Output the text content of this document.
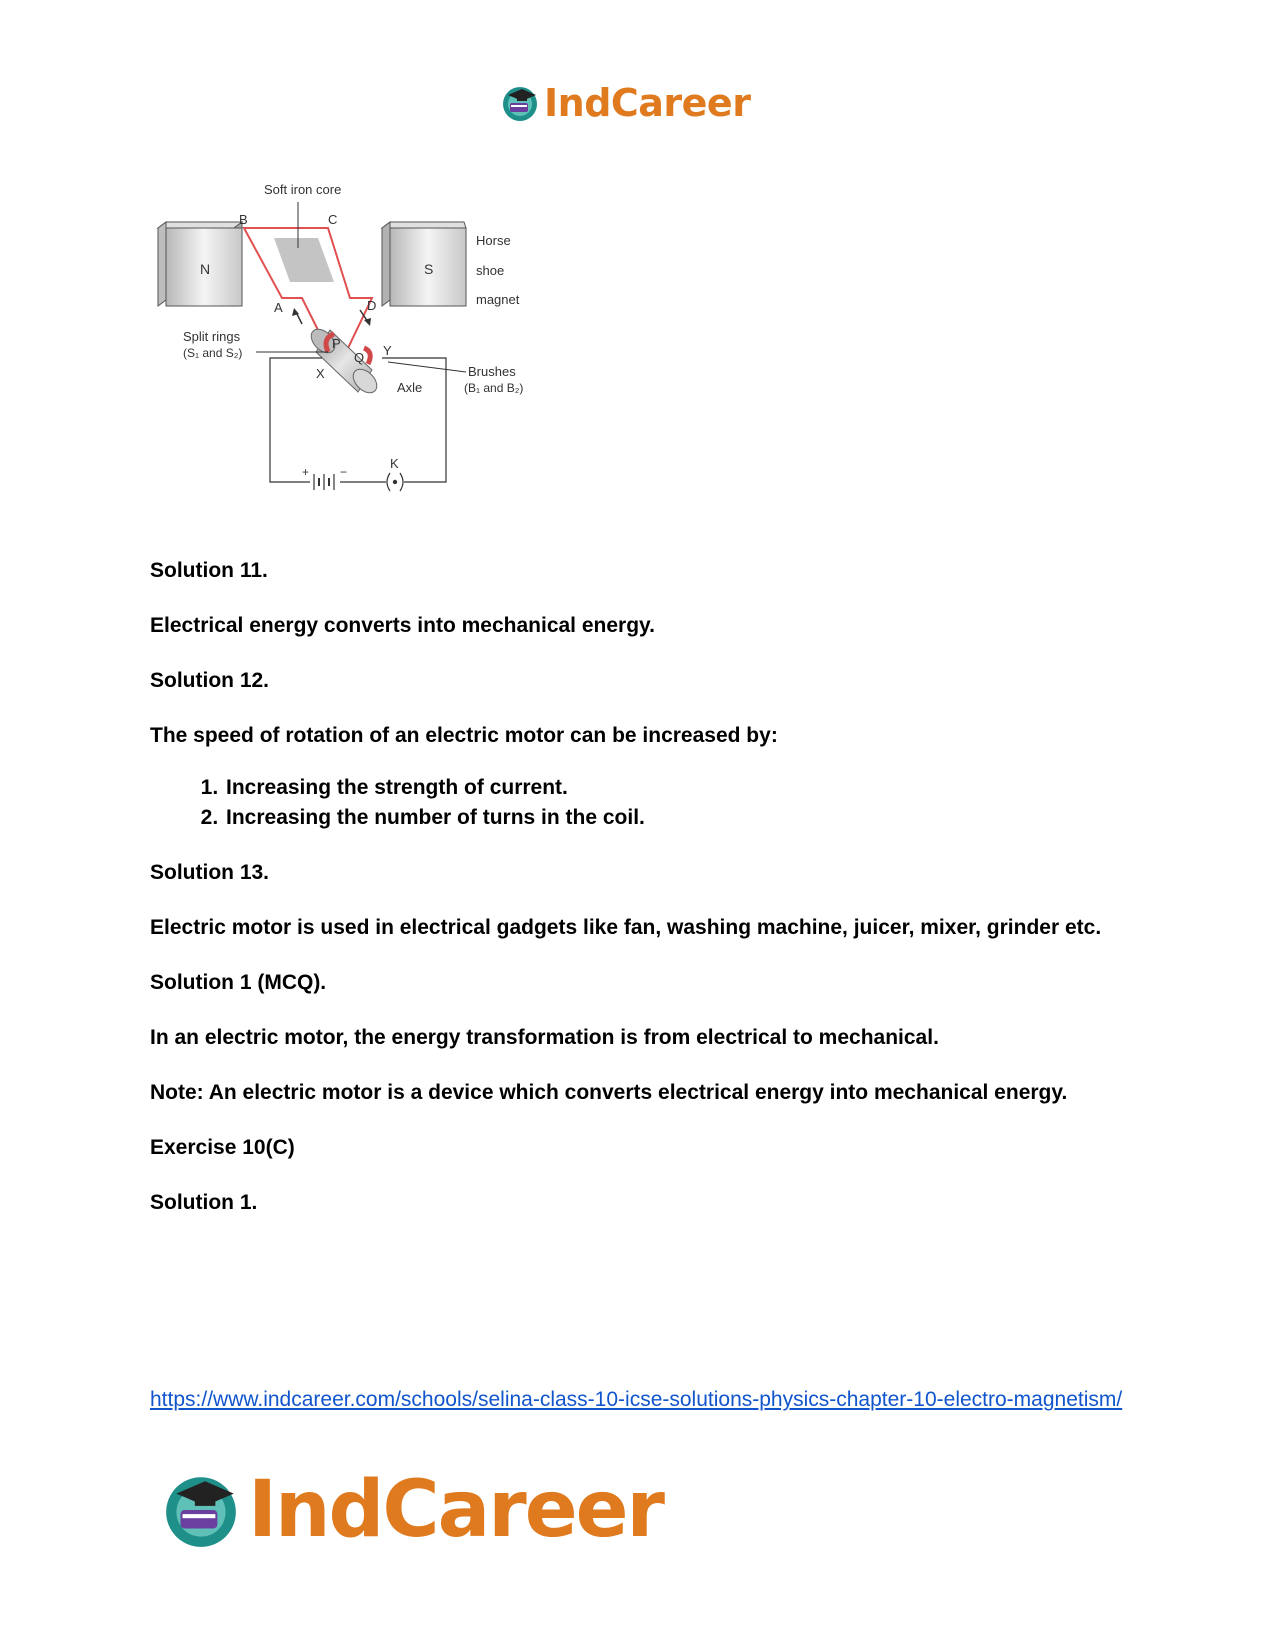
IndCareer
N	S
Soft iron core
B	C
A	D
P
Q
X
Y
Axle
Split rings
(S₁ and S₂)
Horse
shoe
magnet
Brushes
(B₁ and B₂)
+	−
K

Solution 11.

Electrical energy converts into mechanical energy.

Solution 12.

The speed of rotation of an electric motor can be increased by:

1. Increasing the strength of current.
2. Increasing the number of turns in the coil.

Solution 13.

Electric motor is used in electrical gadgets like fan, washing machine, juicer, mixer, grinder etc.

Solution 1 (MCQ).

In an electric motor, the energy transformation is from electrical to mechanical.

Note: An electric motor is a device which converts electrical energy into mechanical energy.

Exercise 10(C)

Solution 1.

https://www.indcareer.com/schools/selina-class-10-icse-solutions-physics-chapter-10-electro-magnetism/
IndCareer
